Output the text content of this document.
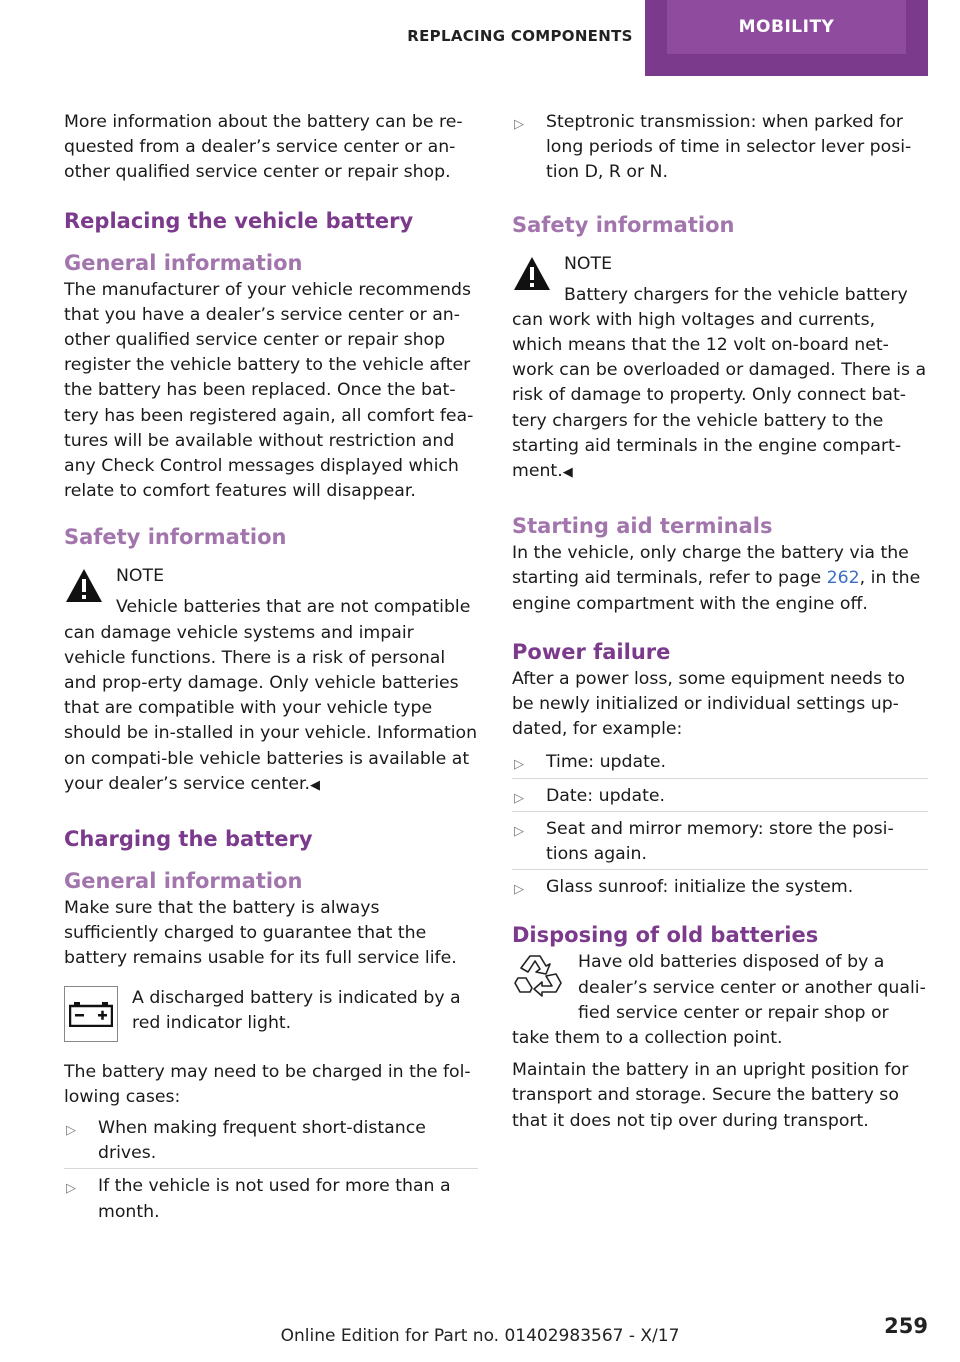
REPLACING COMPONENTS	MOBILITY

More information about the battery can be re-quested from a dealer’s service center or an-other qualified service center or repair shop.

Replacing the vehicle battery
General information

The manufacturer of your vehicle recommends that you have a dealer’s service center or an-other qualified service center or repair shop register the vehicle battery to the vehicle after the battery has been replaced. Once the bat-tery has been registered again, all comfort fea-tures will be available without restriction and any Check Control messages displayed which relate to comfort features will disappear.

Safety information
NOTE
Vehicle batteries that are not compatible

can damage vehicle systems and impair vehicle functions. There is a risk of personal and prop-erty damage. Only vehicle batteries that are compatible with your vehicle type should be in-stalled in your vehicle. Information on compati-ble vehicle batteries is available at your dealer’s service center.◀

Charging the battery
General information

Make sure that the battery is always sufficiently charged to guarantee that the battery remains usable for its full service life.

A discharged battery is indicated by a red indicator light.

The battery may need to be charged in the fol-lowing cases:

▷ When making frequent short-distance drives.
▷ If the vehicle is not used for more than a month.
▷ Steptronic transmission: when parked for long periods of time in selector lever posi-tion D, R or N.
Safety information
NOTE
Battery chargers for the vehicle battery

can work with high voltages and currents, which means that the 12 volt on-board net-work can be overloaded or damaged. There is a risk of damage to property. Only connect bat-tery chargers for the vehicle battery to the starting aid terminals in the engine compart-ment.◀

Starting aid terminals

In the vehicle, only charge the battery via the starting aid terminals, refer to page 262, in the engine compartment with the engine off.

Power failure

After a power loss, some equipment needs to be newly initialized or individual settings up-dated, for example:

▷ Time: update.
▷ Date: update.
▷ Seat and mirror memory: store the posi-tions again.
▷ Glass sunroof: initialize the system.
Disposing of old batteries

Have old batteries disposed of by a dealer’s service center or another quali-fied service center or repair shop or

take them to a collection point.

Maintain the battery in an upright position for transport and storage. Secure the battery so that it does not tip over during transport.

Online Edition for Part no. 01402983567 - X/17	259
